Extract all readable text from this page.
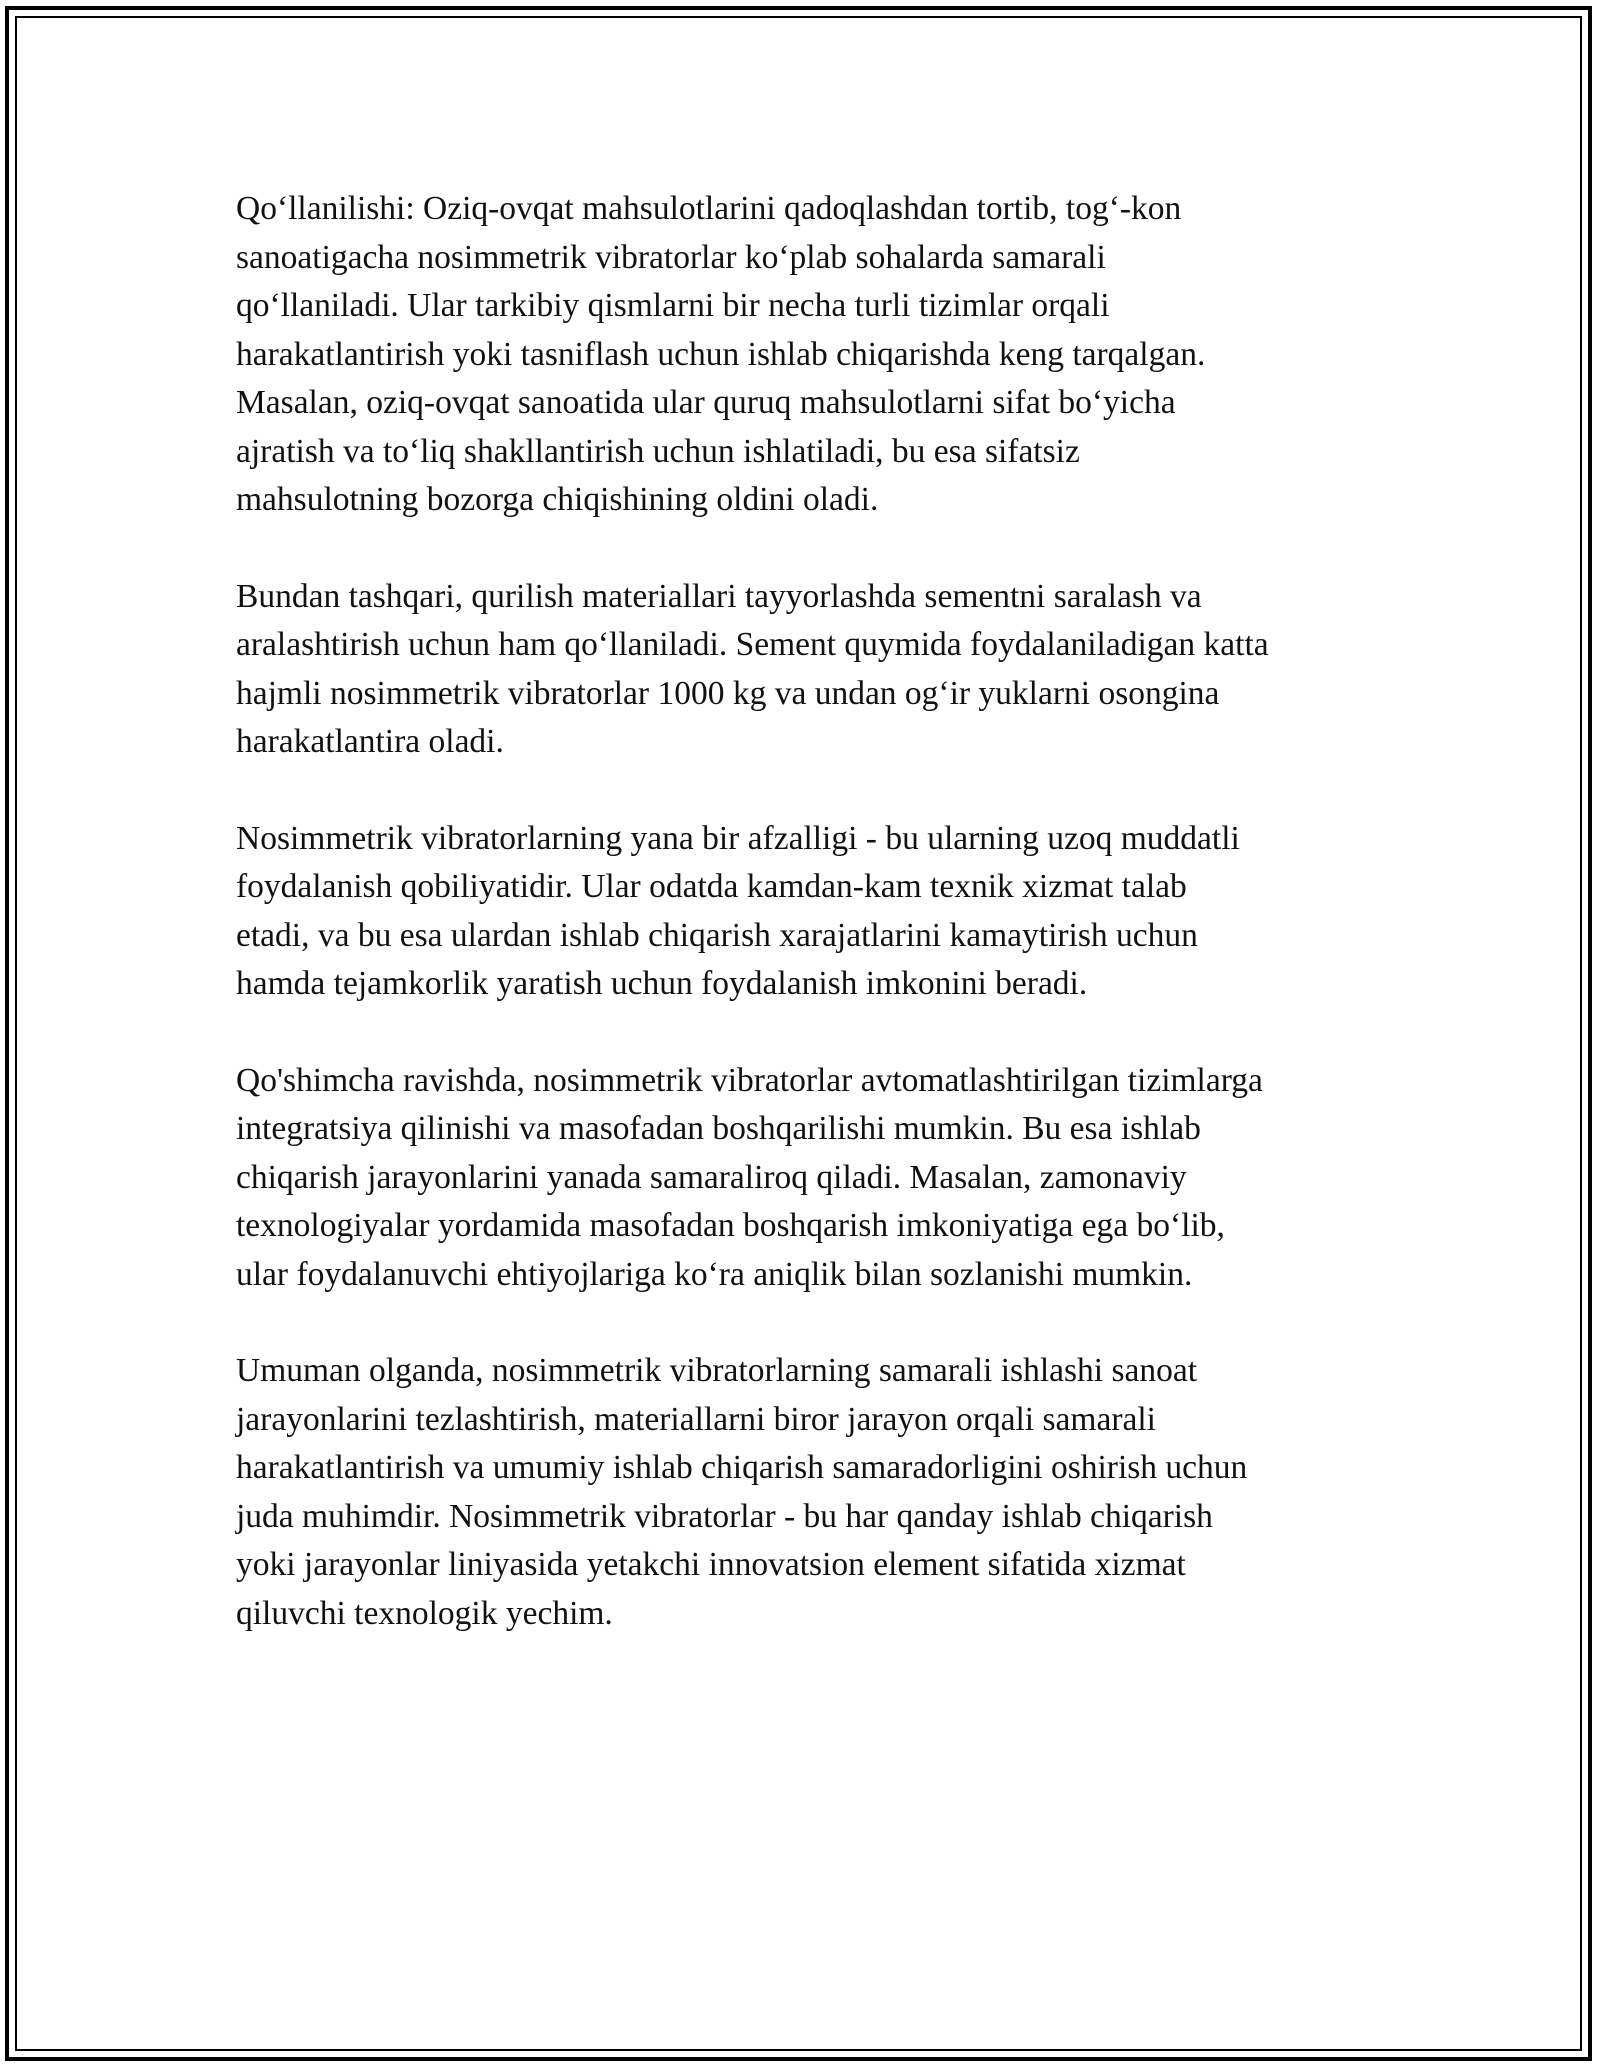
Qo‘llanilishi: Oziq-ovqat mahsulotlarini qadoqlashdan tortib, tog‘-kon
sanoatigacha nosimmetrik vibratorlar ko‘plab sohalarda samarali
qo‘llaniladi. Ular tarkibiy qismlarni bir necha turli tizimlar orqali
harakatlantirish yoki tasniflash uchun ishlab chiqarishda keng tarqalgan.
Masalan, oziq-ovqat sanoatida ular quruq mahsulotlarni sifat bo‘yicha
ajratish va to‘liq shakllantirish uchun ishlatiladi, bu esa sifatsiz
mahsulotning bozorga chiqishining oldini oladi.

Bundan tashqari, qurilish materiallari tayyorlashda sementni saralash va
aralashtirish uchun ham qo‘llaniladi. Sement quymida foydalaniladigan katta
hajmli nosimmetrik vibratorlar 1000 kg va undan og‘ir yuklarni osongina
harakatlantira oladi.

Nosimmetrik vibratorlarning yana bir afzalligi - bu ularning uzoq muddatli
foydalanish qobiliyatidir. Ular odatda kamdan-kam texnik xizmat talab
etadi, va bu esa ulardan ishlab chiqarish xarajatlarini kamaytirish uchun
hamda tejamkorlik yaratish uchun foydalanish imkonini beradi.

Qo'shimcha ravishda, nosimmetrik vibratorlar avtomatlashtirilgan tizimlarga
integratsiya qilinishi va masofadan boshqarilishi mumkin. Bu esa ishlab
chiqarish jarayonlarini yanada samaraliroq qiladi. Masalan, zamonaviy
texnologiyalar yordamida masofadan boshqarish imkoniyatiga ega bo‘lib,
ular foydalanuvchi ehtiyojlariga ko‘ra aniqlik bilan sozlanishi mumkin.

Umuman olganda, nosimmetrik vibratorlarning samarali ishlashi sanoat
jarayonlarini tezlashtirish, materiallarni biror jarayon orqali samarali
harakatlantirish va umumiy ishlab chiqarish samaradorligini oshirish uchun
juda muhimdir. Nosimmetrik vibratorlar - bu har qanday ishlab chiqarish
yoki jarayonlar liniyasida yetakchi innovatsion element sifatida xizmat
qiluvchi texnologik yechim.
